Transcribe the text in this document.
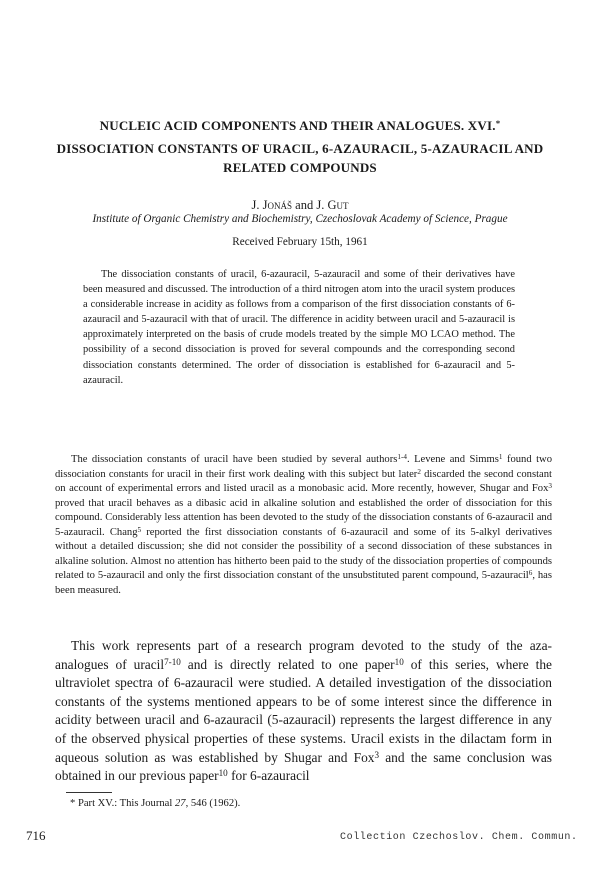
NUCLEIC ACID COMPONENTS AND THEIR ANALOGUES. XVI.*
DISSOCIATION CONSTANTS OF URACIL, 6-AZAURACIL, 5-AZAURACIL AND RELATED COMPOUNDS
J. Jonáš and J. Gut
Institute of Organic Chemistry and Biochemistry, Czechoslovak Academy of Science, Prague
Received February 15th, 1961

The dissociation constants of uracil, 6-azauracil, 5-azauracil and some of their derivatives have been measured and discussed. The introduction of a third nitrogen atom into the uracil system produces a considerable increase in acidity as follows from a comparison of the first dissociation constants of 6-azauracil and 5-azauracil with that of uracil. The difference in acidity between uracil and 5-azauracil is approximately interpreted on the basis of crude models treated by the simple MO LCAO method. The possibility of a second dissociation is proved for several compounds and the corresponding second dissociation constants determined. The order of dissociation is established for 6-azauracil and 5-azauracil.

The dissociation constants of uracil have been studied by several authors$^{1-4}$. Levene and Simms$^1$ found two dissociation constants for uracil in their first work dealing with this subject but later$^2$ discarded the second constant on account of experimental errors and listed uracil as a monobasic acid. More recently, however, Shugar and Fox$^3$ proved that uracil behaves as a dibasic acid in alkaline solution and established the order of dissociation for this compound. Considerably less attention has been devoted to the study of the dissociation constants of 6-azauracil and 5-azauracil. Chang$^5$ reported the first dissociation constants of 6-azauracil and some of its 5-alkyl derivatives without a detailed discussion; she did not consider the possibility of a second dissociation of these substances in alkaline solution. Almost no attention has hitherto been paid to the study of the dissociation properties of compounds related to 5-azauracil and only the first dissociation constant of the unsubstituted parent compound, 5-azauracil$^6$, has been measured.

This work represents part of a research program devoted to the study of the aza-analogues of uracil$^{7-10}$ and is directly related to one paper$^{10}$ of this series, where the ultraviolet spectra of 6-azauracil were studied. A detailed investigation of the dissociation constants of the systems mentioned appears to be of some interest since the difference in acidity between uracil and 6-azauracil (5-azauracil) represents the largest difference in any of the observed physical properties of these systems. Uracil exists in the dilactam form in aqueous solution as was established by Shugar and Fox$^3$ and the same conclusion was obtained in our previous paper$^{10}$ for 6-azauracil

* Part XV.: This Journal 27, 546 (1962).
716	Collection Czechoslov. Chem. Commun.
